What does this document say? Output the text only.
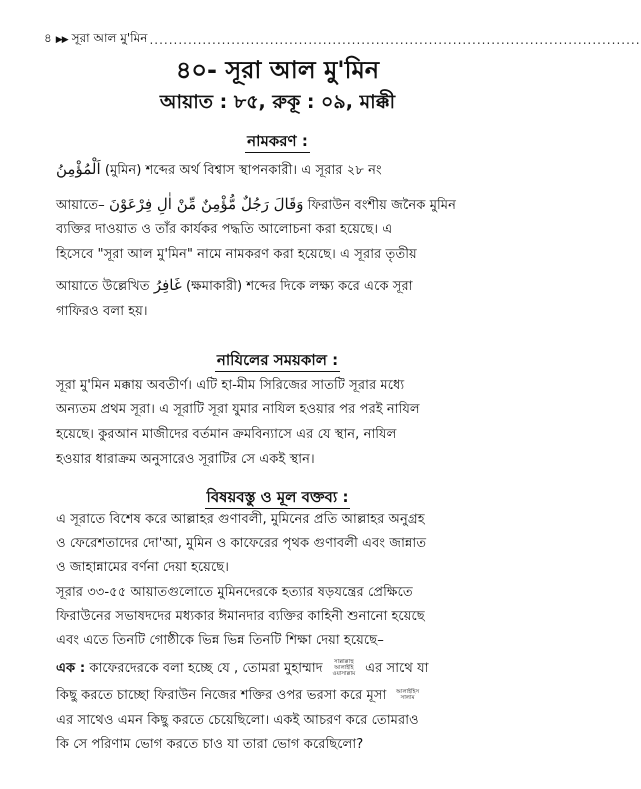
৪ ▶▶ সূরা আল মু'মিন ......................................................................................................
৪০- সূরা আল মু'মিন
আয়াত : ৮৫, রুকূ : ০৯, মাক্কী
নামকরণ :
اَلْمُؤْمِنُ (মুমিন) শব্দের অর্থ বিশ্বাস স্থাপনকারী। এ সূরার ২৮ নং
আয়াতে– وَقَالَ رَجُلٌ مُّؤْمِنٌ مِّنْ اٰلِ فِرْعَوْنَ ফিরাউন বংশীয় জনৈক মুমিন
ব্যক্তির দাওয়াত ও তাঁর কার্যকর পদ্ধতি আলোচনা করা হয়েছে। এ
হিসেবে "সূরা আল মু'মিন" নামে নামকরণ করা হয়েছে। এ সূরার তৃতীয়
আয়াতে উল্লেখিত غَافِرُ (ক্ষমাকারী) শব্দের দিকে লক্ষ্য করে একে সূরা
গাফিরও বলা হয়।
নাযিলের সময়কাল :
সূরা মু'মিন মক্কায় অবতীর্ণ। এটি হা-মীম সিরিজের সাতটি সূরার মধ্যে
অন্যতম প্রথম সূরা। এ সূরাটি সূরা যুমার নাযিল হওয়ার পর পরই নাযিল
হয়েছে। কুরআন মাজীদের বর্তমান ক্রমবিন্যাসে এর যে স্থান, নাযিল
হওয়ার ধারাক্রম অনুসারেও সূরাটির সে একই স্থান।
বিষয়বস্তু ও মূল বক্তব্য :
এ সূরাতে বিশেষ করে আল্লাহর গুণাবলী, মুমিনের প্রতি আল্লাহর অনুগ্রহ
ও ফেরেশতাদের দো'আ, মুমিন ও কাফেরের পৃথক গুণাবলী এবং জান্নাত
ও জাহান্নামের বর্ণনা দেয়া হয়েছে।
সূরার ৩৩-৫৫ আয়াতগুলোতে মুমিনদেরকে হত্যার ষড়যন্ত্রের প্রেক্ষিতে
ফিরাউনের সভাষদদের মধ্যকার ঈমানদার ব্যক্তির কাহিনী শুনানো হয়েছে
এবং এতে তিনটি গোষ্ঠীকে ভিন্ন ভিন্ন তিনটি শিক্ষা দেয়া হয়েছে–
এক : কাফেরদেরকে বলা হচ্ছে যে , তোমরা মুহাম্মাদ সাল্লাল্লাহু
আলাইহি
ওয়াসাল্লাম এর সাথে যা
কিছু করতে চাচ্ছো ফিরাউন নিজের শক্তির ওপর ভরসা করে মূসা আলাইহিস
সালাম
এর সাথেও এমন কিছু করতে চেয়েছিলো। একই আচরণ করে তোমরাও
কি সে পরিণাম ভোগ করতে চাও যা তারা ভোগ করেছিলো?
